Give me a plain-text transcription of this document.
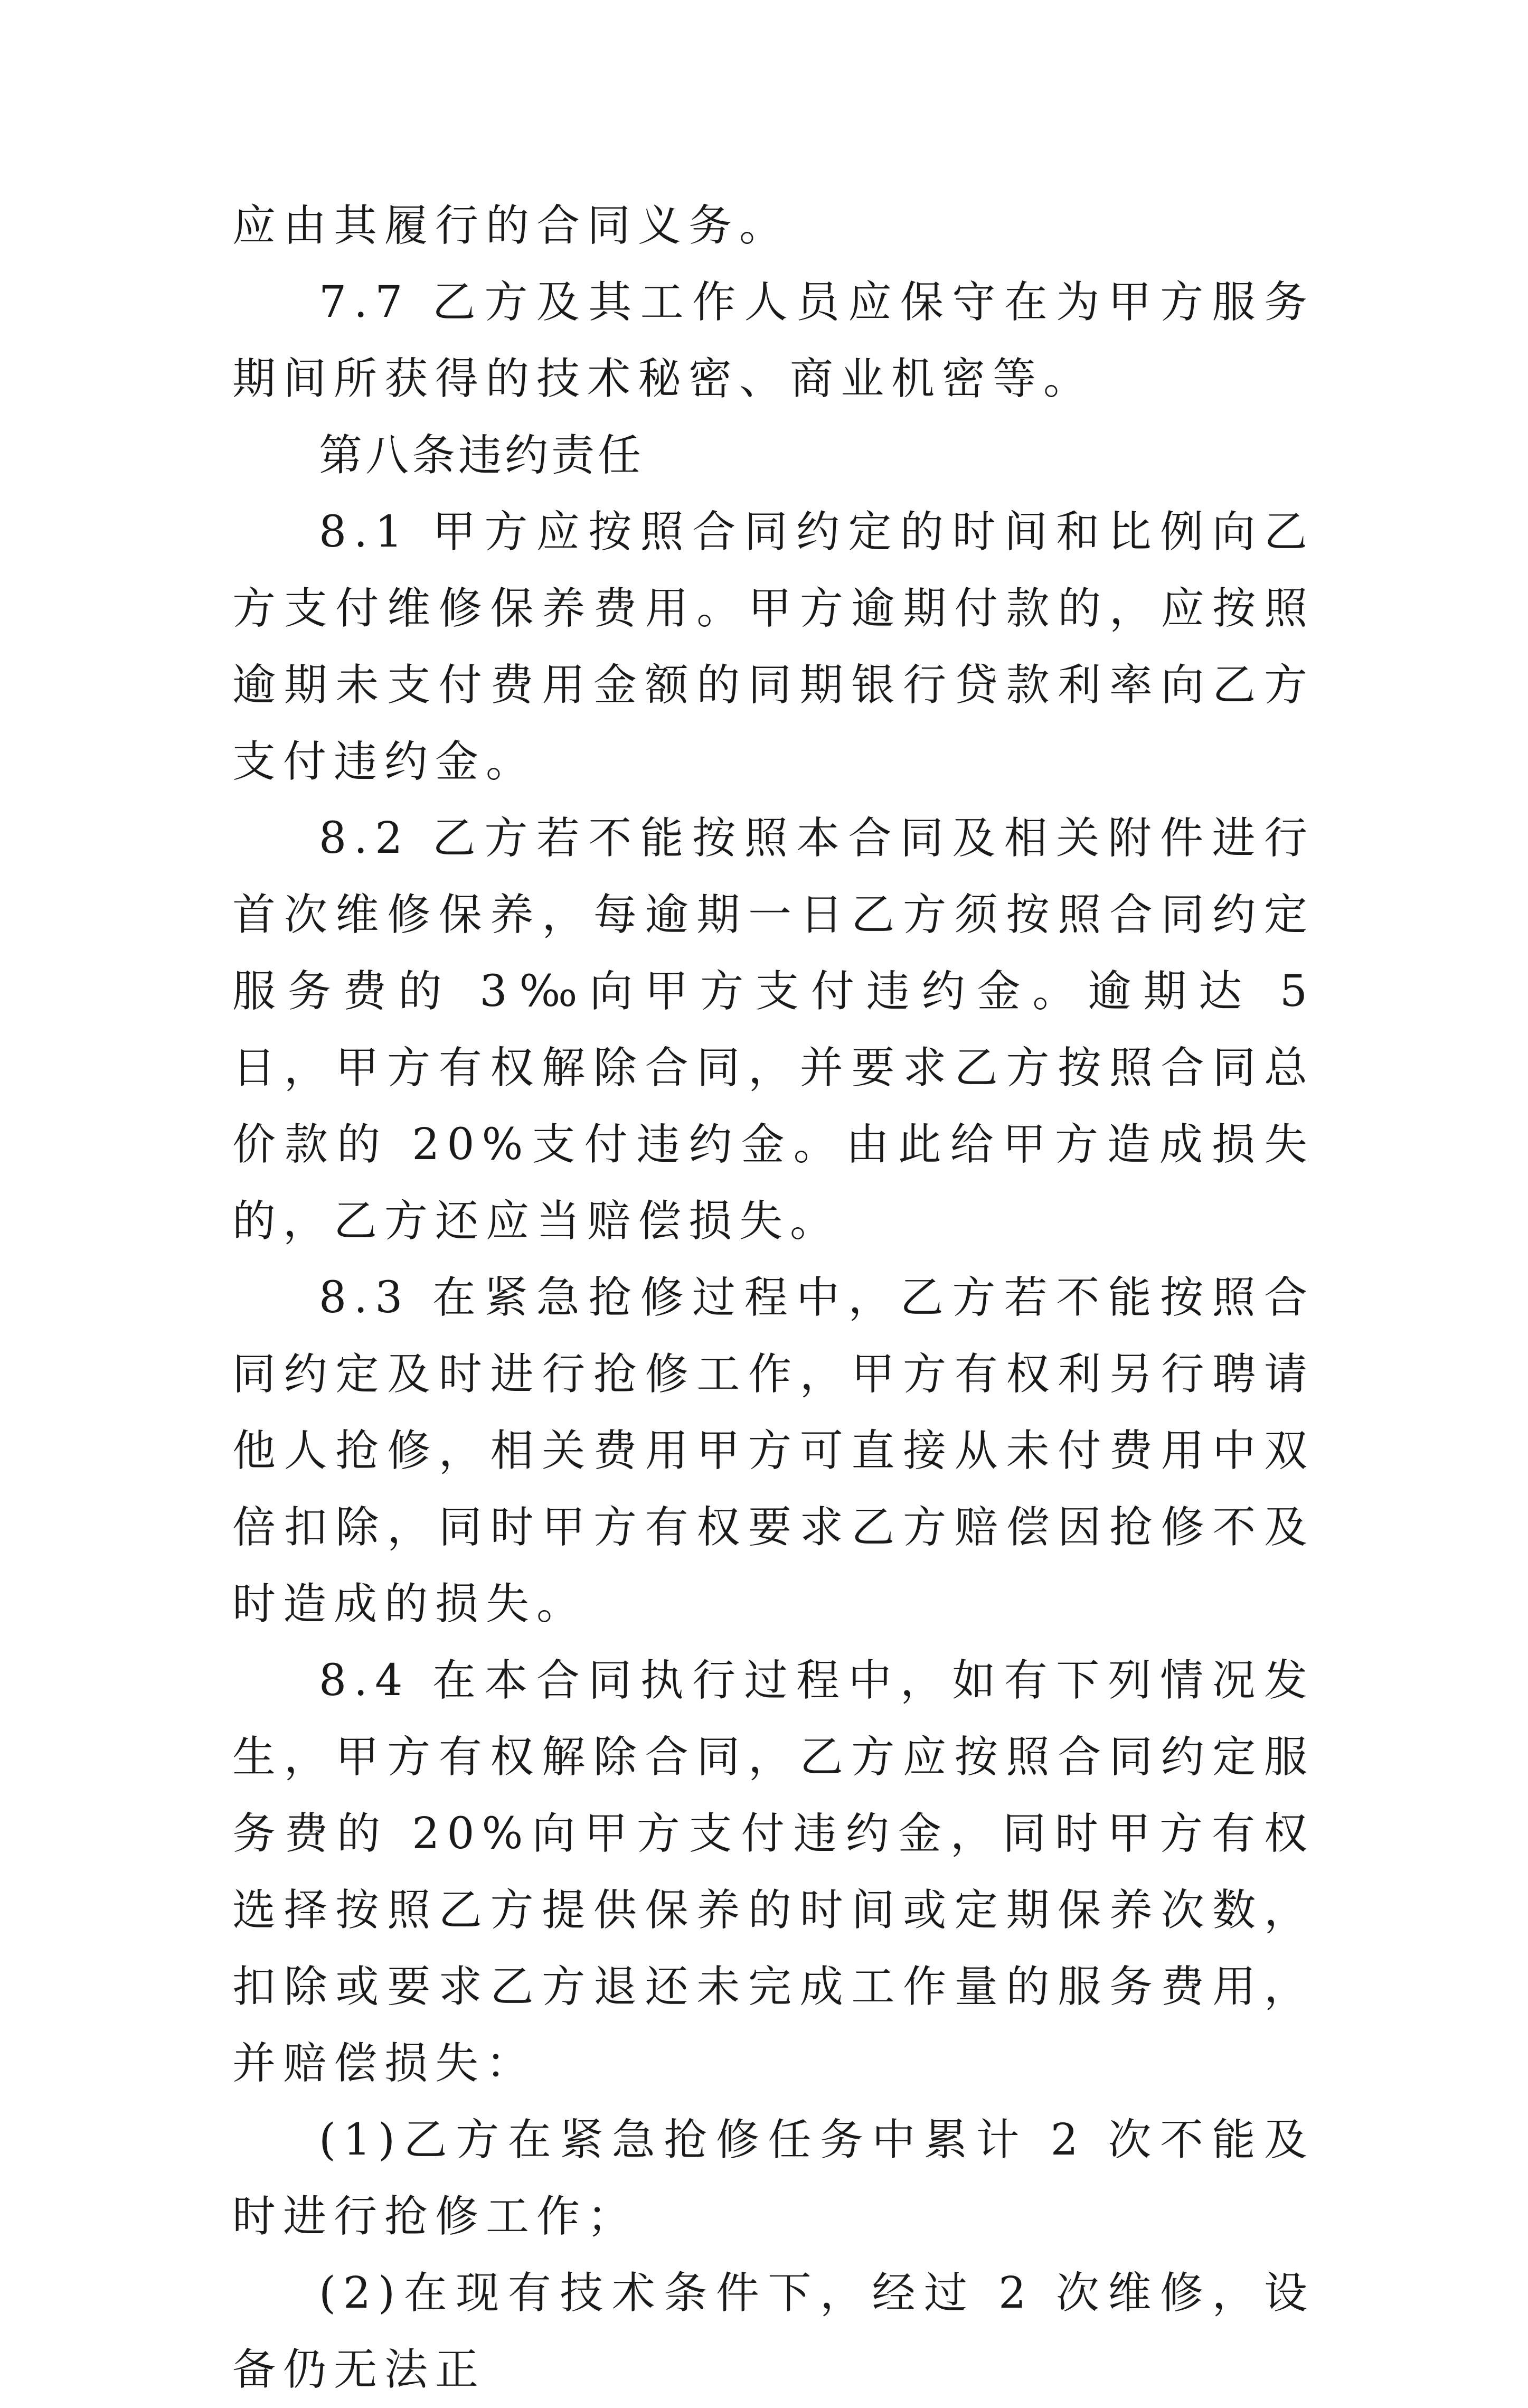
应由其履行的合同义务。

7.7 乙方及其工作人员应保守在为甲方服务期间所获得的技术秘密、商业机密等。

第八条违约责任

8.1 甲方应按照合同约定的时间和比例向乙方支付维修保养费用。甲方逾期付款的，应按照逾期未支付费用金额的同期银行贷款利率向乙方支付违约金。

8.2 乙方若不能按照本合同及相关附件进行首次维修保养，每逾期一日乙方须按照合同约定服务费的 3‰向甲方支付违约金。逾期达 5 日，甲方有权解除合同，并要求乙方按照合同总价款的 20%支付违约金。由此给甲方造成损失的，乙方还应当赔偿损失。

8.3 在紧急抢修过程中，乙方若不能按照合同约定及时进行抢修工作，甲方有权利另行聘请他人抢修，相关费用甲方可直接从未付费用中双倍扣除，同时甲方有权要求乙方赔偿因抢修不及时造成的损失。

8.4 在本合同执行过程中，如有下列情况发生，甲方有权解除合同，乙方应按照合同约定服务费的 20%向甲方支付违约金，同时甲方有权选择按照乙方提供保养的时间或定期保养次数，扣除或要求乙方退还未完成工作量的服务费用，并赔偿损失：

(1)乙方在紧急抢修任务中累计 2 次不能及时进行抢修工作；

(2)在现有技术条件下，经过 2 次维修，设备仍无法正
